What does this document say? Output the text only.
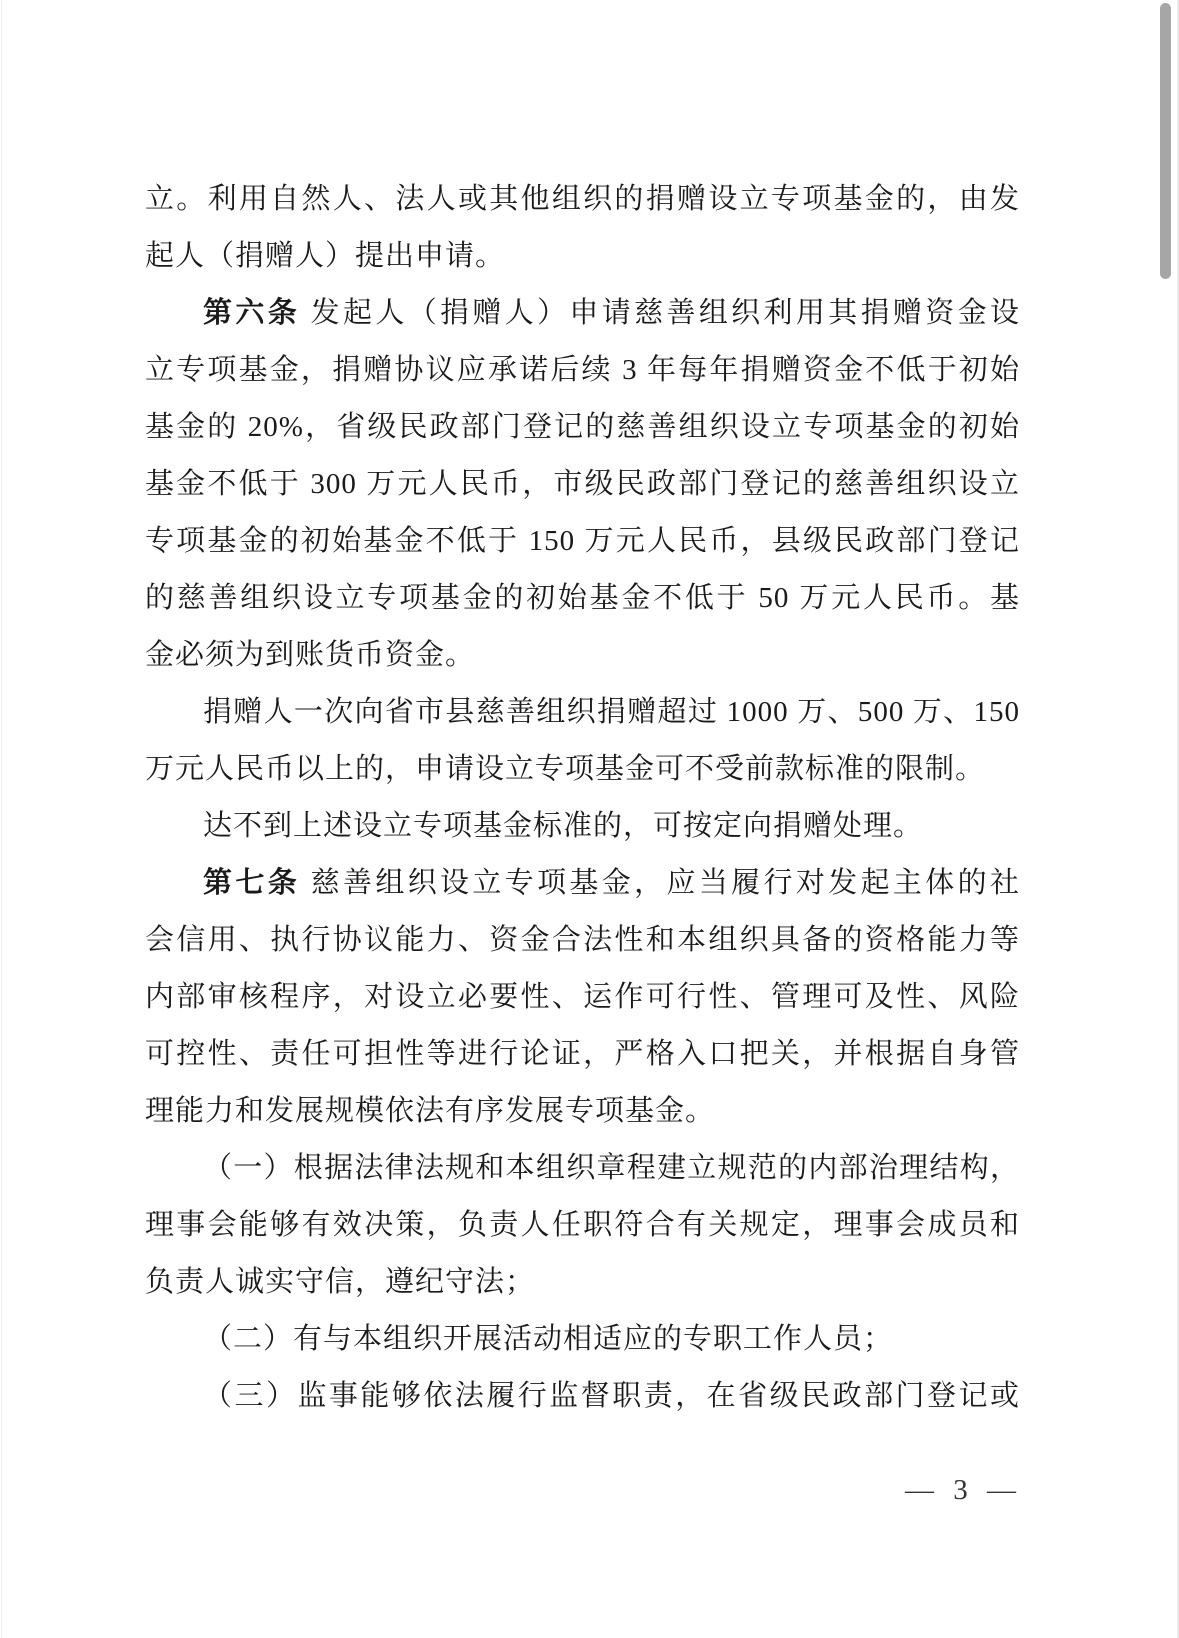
立。利用自然人、法人或其他组织的捐赠设立专项基金的，由发
起人（捐赠人）提出申请。
第六条 发起人（捐赠人）申请慈善组织利用其捐赠资金设
立专项基金，捐赠协议应承诺后续 3 年每年捐赠资金不低于初始
基金的 20%，省级民政部门登记的慈善组织设立专项基金的初始
基金不低于 300 万元人民币，市级民政部门登记的慈善组织设立
专项基金的初始基金不低于 150 万元人民币，县级民政部门登记
的慈善组织设立专项基金的初始基金不低于 50 万元人民币。基
金必须为到账货币资金。
捐赠人一次向省市县慈善组织捐赠超过 1000 万、500 万、150
万元人民币以上的，申请设立专项基金可不受前款标准的限制。
达不到上述设立专项基金标准的，可按定向捐赠处理。
第七条 慈善组织设立专项基金，应当履行对发起主体的社
会信用、执行协议能力、资金合法性和本组织具备的资格能力等
内部审核程序，对设立必要性、运作可行性、管理可及性、风险
可控性、责任可担性等进行论证，严格入口把关，并根据自身管
理能力和发展规模依法有序发展专项基金。
（一）根据法律法规和本组织章程建立规范的内部治理结构，
理事会能够有效决策，负责人任职符合有关规定，理事会成员和
负责人诚实守信，遵纪守法；
（二）有与本组织开展活动相适应的专职工作人员；
（三）监事能够依法履行监督职责，在省级民政部门登记或
— 3 —
